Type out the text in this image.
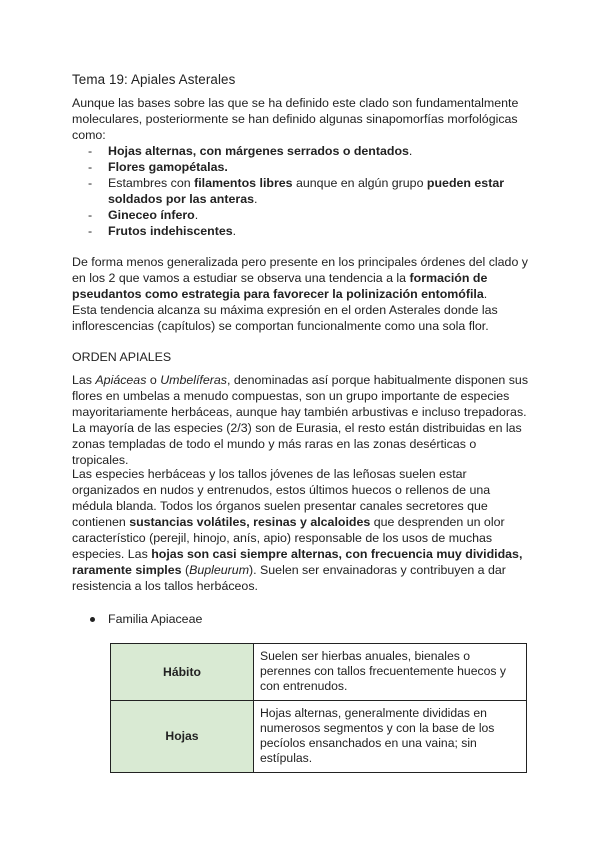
Tema 19: Apiales Asterales

Aunque las bases sobre las que se ha definido este clado son fundamentalmente moleculares, posteriormente se han definido algunas sinapomorfías morfológicas como:

- Hojas alternas, con márgenes serrados o dentados.
- Flores gamopétalas.
- Estambres con filamentos libres aunque en algún grupo pueden estar soldados por las anteras.
- Gineceo ínfero.
- Frutos indehiscentes.

De forma menos generalizada pero presente en los principales órdenes del clado y en los 2 que vamos a estudiar se observa una tendencia a la formación de pseudantos como estrategia para favorecer la polinización entomófila.

Esta tendencia alcanza su máxima expresión en el orden Asterales donde las inflorescencias (capítulos) se comportan funcionalmente como una sola flor.

ORDEN APIALES

Las Apiáceas o Umbelíferas, denominadas así porque habitualmente disponen sus flores en umbelas a menudo compuestas, son un grupo importante de especies mayoritariamente herbáceas, aunque hay también arbustivas e incluso trepadoras. La mayoría de las especies (2/3) son de Eurasia, el resto están distribuidas en las zonas templadas de todo el mundo y más raras en las zonas desérticas o tropicales.

Las especies herbáceas y los tallos jóvenes de las leñosas suelen estar organizados en nudos y entrenudos, estos últimos huecos o rellenos de una médula blanda. Todos los órganos suelen presentar canales secretores que contienen sustancias volátiles, resinas y alcaloides que desprenden un olor característico (perejil, hinojo, anís, apio) responsable de los usos de muchas especies. Las hojas son casi siempre alternas, con frecuencia muy divididas, raramente simples (Bupleurum). Suelen ser envainadoras y contribuyen a dar resistencia a los tallos herbáceos.

Familia Apiaceae
Hábito	Suelen ser hierbas anuales, bienales o perennes con tallos frecuentemente huecos y con entrenudos.
Hojas	Hojas alternas, generalmente divididas en numerosos segmentos y con la base de los pecíolos ensanchados en una vaina; sin estípulas.
